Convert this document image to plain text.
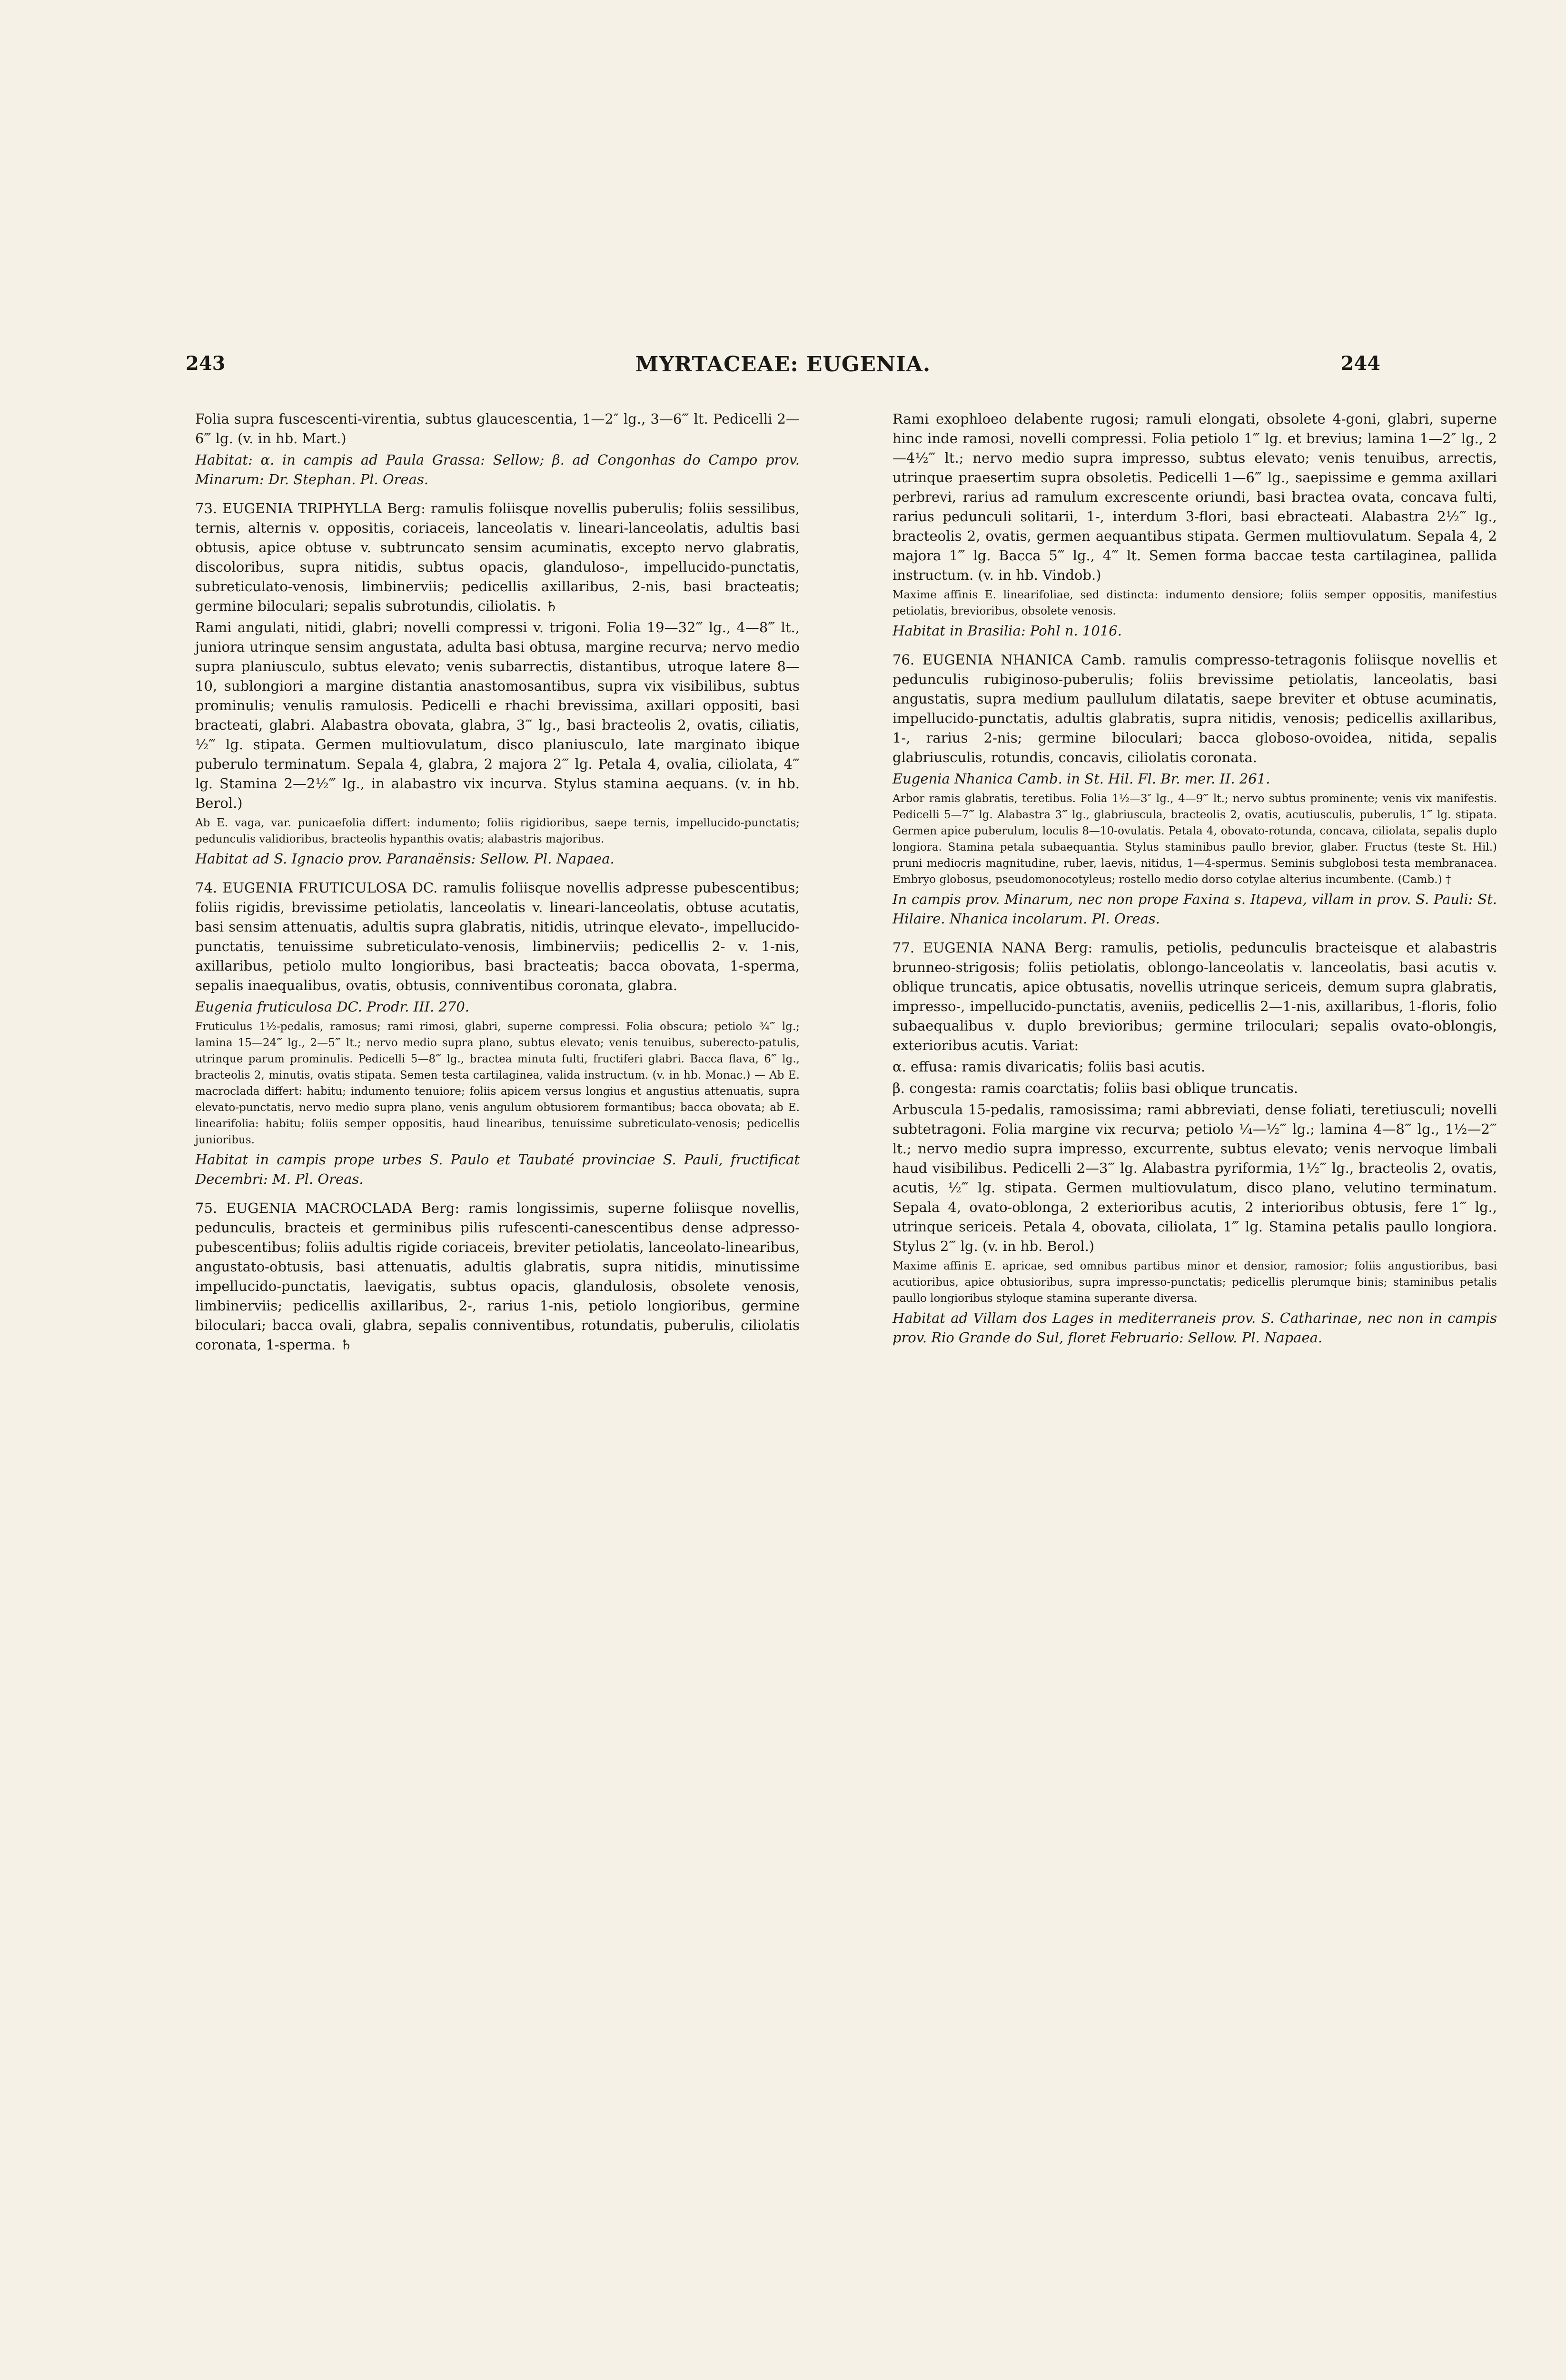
243	MYRTACEAE: EUGENIA.	244

Folia supra fuscescenti-virentia, subtus glaucescentia, 1—2″ lg., 3—6‴ lt. Pedicelli 2—6‴ lg. (v. in hb. Mart.)

Habitat: α. in campis ad Paula Grassa: Sellow; β. ad Congonhas do Campo prov. Minarum: Dr. Stephan. Pl. Oreas.

73. EUGENIA TRIPHYLLA Berg: ramulis foliisque novellis puberulis; foliis sessilibus, ternis, alternis v. oppositis, coriaceis, lanceolatis v. lineari-lanceolatis, adultis basi obtusis, apice obtuse v. subtruncato sensim acuminatis, excepto nervo glabratis, discoloribus, supra nitidis, subtus opacis, glanduloso-, impellucido-punctatis, subreticulato-venosis, limbinerviis; pedicellis axillaribus, 2-nis, basi bracteatis; germine biloculari; sepalis subrotundis, ciliolatis. ♄

Rami angulati, nitidi, glabri; novelli compressi v. trigoni. Folia 19—32‴ lg., 4—8‴ lt., juniora utrinque sensim angustata, adulta basi obtusa, margine recurva; nervo medio supra planiusculo, subtus elevato; venis subarrectis, distantibus, utroque latere 8—10, sublongiori a margine distantia anastomosantibus, supra vix visibilibus, subtus prominulis; venulis ramulosis. Pedicelli e rhachi brevissima, axillari oppositi, basi bracteati, glabri. Alabastra obovata, glabra, 3‴ lg., basi bracteolis 2, ovatis, ciliatis, ½‴ lg. stipata. Germen multiovulatum, disco planiusculo, late marginato ibique puberulo terminatum. Sepala 4, glabra, 2 majora 2‴ lg. Petala 4, ovalia, ciliolata, 4‴ lg. Stamina 2—2½‴ lg., in alabastro vix incurva. Stylus stamina aequans. (v. in hb. Berol.)

Ab E. vaga, var. punicaefolia differt: indumento; foliis rigidioribus, saepe ternis, impellucido-punctatis; pedunculis validioribus, bracteolis hypanthis ovatis; alabastris majoribus.

Habitat ad S. Ignacio prov. Paranaënsis: Sellow. Pl. Napaea.

74. EUGENIA FRUTICULOSA DC. ramulis foliisque novellis adpresse pubescentibus; foliis rigidis, brevissime petiolatis, lanceolatis v. lineari-lanceolatis, obtuse acutatis, basi sensim attenuatis, adultis supra glabratis, nitidis, utrinque elevato-, impellucido-punctatis, tenuissime subreticulato-venosis, limbinerviis; pedicellis 2- v. 1-nis, axillaribus, petiolo multo longioribus, basi bracteatis; bacca obovata, 1-sperma, sepalis inaequalibus, ovatis, obtusis, conniventibus coronata, glabra.

Eugenia fruticulosa DC. Prodr. III. 270.

Fruticulus 1½-pedalis, ramosus; rami rimosi, glabri, superne compressi. Folia obscura; petiolo ¾‴ lg.; lamina 15—24‴ lg., 2—5‴ lt.; nervo medio supra plano, subtus elevato; venis tenuibus, suberecto-patulis, utrinque parum prominulis. Pedicelli 5—8‴ lg., bractea minuta fulti, fructiferi glabri. Bacca flava, 6‴ lg., bracteolis 2, minutis, ovatis stipata. Semen testa cartilaginea, valida instructum. (v. in hb. Monac.) — Ab E. macroclada differt: habitu; indumento tenuiore; foliis apicem versus longius et angustius attenuatis, supra elevato-punctatis, nervo medio supra plano, venis angulum obtusiorem formantibus; bacca obovata; ab E. linearifolia: habitu; foliis semper oppositis, haud linearibus, tenuissime subreticulato-venosis; pedicellis junioribus.

Habitat in campis prope urbes S. Paulo et Taubaté provinciae S. Pauli, fructificat Decembri: M. Pl. Oreas.

75. EUGENIA MACROCLADA Berg: ramis longissimis, superne foliisque novellis, pedunculis, bracteis et germinibus pilis rufescenti-canescentibus dense adpresso-pubescentibus; foliis adultis rigide coriaceis, breviter petiolatis, lanceolato-linearibus, angustato-obtusis, basi attenuatis, adultis glabratis, supra nitidis, minutissime impellucido-punctatis, laevigatis, subtus opacis, glandulosis, obsolete venosis, limbinerviis; pedicellis axillaribus, 2-, rarius 1-nis, petiolo longioribus, germine biloculari; bacca ovali, glabra, sepalis conniventibus, rotundatis, puberulis, ciliolatis coronata, 1-sperma. ♄

Rami exophloeo delabente rugosi; ramuli elongati, obsolete 4-goni, glabri, superne hinc inde ramosi, novelli compressi. Folia petiolo 1‴ lg. et brevius; lamina 1—2″ lg., 2—4½‴ lt.; nervo medio supra impresso, subtus elevato; venis tenuibus, arrectis, utrinque praesertim supra obsoletis. Pedicelli 1—6‴ lg., saepissime e gemma axillari perbrevi, rarius ad ramulum excrescente oriundi, basi bractea ovata, concava fulti, rarius pedunculi solitarii, 1-, interdum 3-flori, basi ebracteati. Alabastra 2½‴ lg., bracteolis 2, ovatis, germen aequantibus stipata. Germen multiovulatum. Sepala 4, 2 majora 1‴ lg. Bacca 5‴ lg., 4‴ lt. Semen forma baccae testa cartilaginea, pallida instructum. (v. in hb. Vindob.)

Maxime affinis E. linearifoliae, sed distincta: indumento densiore; foliis semper oppositis, manifestius petiolatis, brevioribus, obsolete venosis.

Habitat in Brasilia: Pohl n. 1016.

76. EUGENIA NHANICA Camb. ramulis compresso-tetragonis foliisque novellis et pedunculis rubiginoso-puberulis; foliis brevissime petiolatis, lanceolatis, basi angustatis, supra medium paullulum dilatatis, saepe breviter et obtuse acuminatis, impellucido-punctatis, adultis glabratis, supra nitidis, venosis; pedicellis axillaribus, 1-, rarius 2-nis; germine biloculari; bacca globoso-ovoidea, nitida, sepalis glabriusculis, rotundis, concavis, ciliolatis coronata.

Eugenia Nhanica Camb. in St. Hil. Fl. Br. mer. II. 261.

Arbor ramis glabratis, teretibus. Folia 1½—3″ lg., 4—9‴ lt.; nervo subtus prominente; venis vix manifestis. Pedicelli 5—7‴ lg. Alabastra 3‴ lg., glabriuscula, bracteolis 2, ovatis, acutiusculis, puberulis, 1‴ lg. stipata. Germen apice puberulum, loculis 8—10-ovulatis. Petala 4, obovato-rotunda, concava, ciliolata, sepalis duplo longiora. Stamina petala subaequantia. Stylus staminibus paullo brevior, glaber. Fructus (teste St. Hil.) pruni mediocris magnitudine, ruber, laevis, nitidus, 1—4-spermus. Seminis subglobosi testa membranacea. Embryo globosus, pseudomonocotyleus; rostello medio dorso cotylae alterius incumbente. (Camb.) †

In campis prov. Minarum, nec non prope Faxina s. Itapeva, villam in prov. S. Pauli: St. Hilaire. Nhanica incolarum. Pl. Oreas.

77. EUGENIA NANA Berg: ramulis, petiolis, pedunculis bracteisque et alabastris brunneo-strigosis; foliis petiolatis, oblongo-lanceolatis v. lanceolatis, basi acutis v. oblique truncatis, apice obtusatis, novellis utrinque sericeis, demum supra glabratis, impresso-, impellucido-punctatis, aveniis, pedicellis 2—1-nis, axillaribus, 1-floris, folio subaequalibus v. duplo brevioribus; germine triloculari; sepalis ovato-oblongis, exterioribus acutis. Variat:

α. effusa: ramis divaricatis; foliis basi acutis.

β. congesta: ramis coarctatis; foliis basi oblique truncatis.

Arbuscula 15-pedalis, ramosissima; rami abbreviati, dense foliati, teretiusculi; novelli subtetragoni. Folia margine vix recurva; petiolo ¼—½‴ lg.; lamina 4—8‴ lg., 1½—2‴ lt.; nervo medio supra impresso, excurrente, subtus elevato; venis nervoque limbali haud visibilibus. Pedicelli 2—3‴ lg. Alabastra pyriformia, 1½‴ lg., bracteolis 2, ovatis, acutis, ½‴ lg. stipata. Germen multiovulatum, disco plano, velutino terminatum. Sepala 4, ovato-oblonga, 2 exterioribus acutis, 2 interioribus obtusis, fere 1‴ lg., utrinque sericeis. Petala 4, obovata, ciliolata, 1‴ lg. Stamina petalis paullo longiora. Stylus 2‴ lg. (v. in hb. Berol.)

Maxime affinis E. apricae, sed omnibus partibus minor et densior, ramosior; foliis angustioribus, basi acutioribus, apice obtusioribus, supra impresso-punctatis; pedicellis plerumque binis; staminibus petalis paullo longioribus styloque stamina superante diversa.

Habitat ad Villam dos Lages in mediterraneis prov. S. Catharinae, nec non in campis prov. Rio Grande do Sul, floret Februario: Sellow. Pl. Napaea.
